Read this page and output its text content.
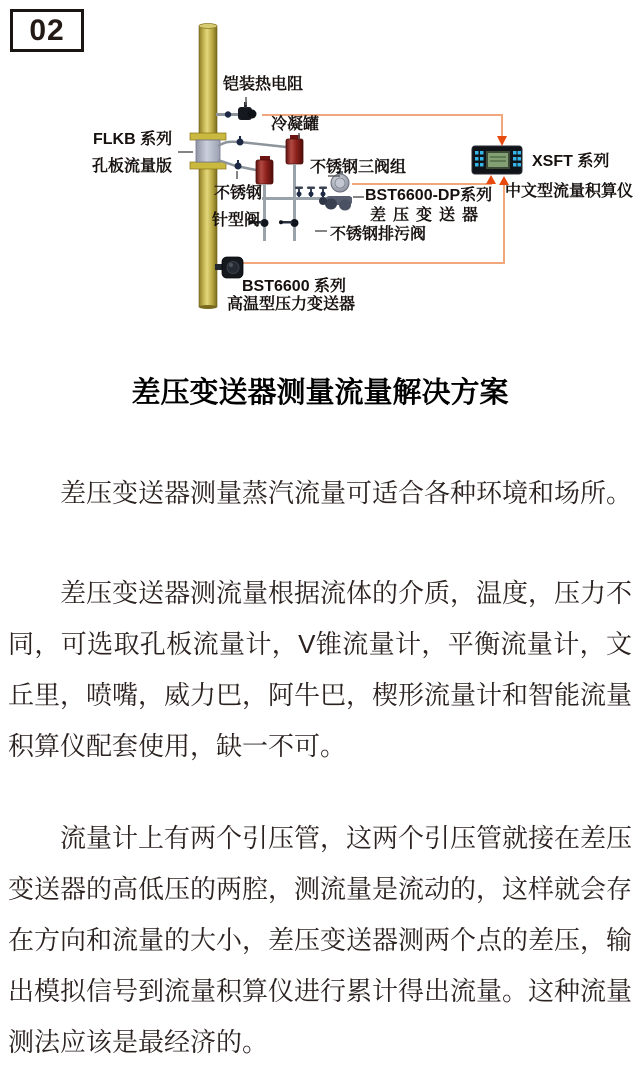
02
铠装热电阻
冷凝罐
FLKB 系列
孔板流量版	不锈钢三阀组
不锈钢
针型阀
BST6600-DP系列
差压变送器
不锈钢排污阀
XSFT 系列
中文型流量积算仪
BST6600 系列
高温型压力变送器
差压变送器测量流量解决方案

差压变送器测量蒸汽流量可适合各种环境和场所。

差压变送器测流量根据流体的介质，温度，压力不同，可选取孔板流量计，V锥流量计，平衡流量计，文丘里，喷嘴，威力巴，阿牛巴，楔形流量计和智能流量积算仪配套使用，缺一不可。

流量计上有两个引压管，这两个引压管就接在差压变送器的高低压的两腔，测流量是流动的，这样就会存在方向和流量的大小，差压变送器测两个点的差压，输出模拟信号到流量积算仪进行累计得出流量。这种流量测法应该是最经济的。
